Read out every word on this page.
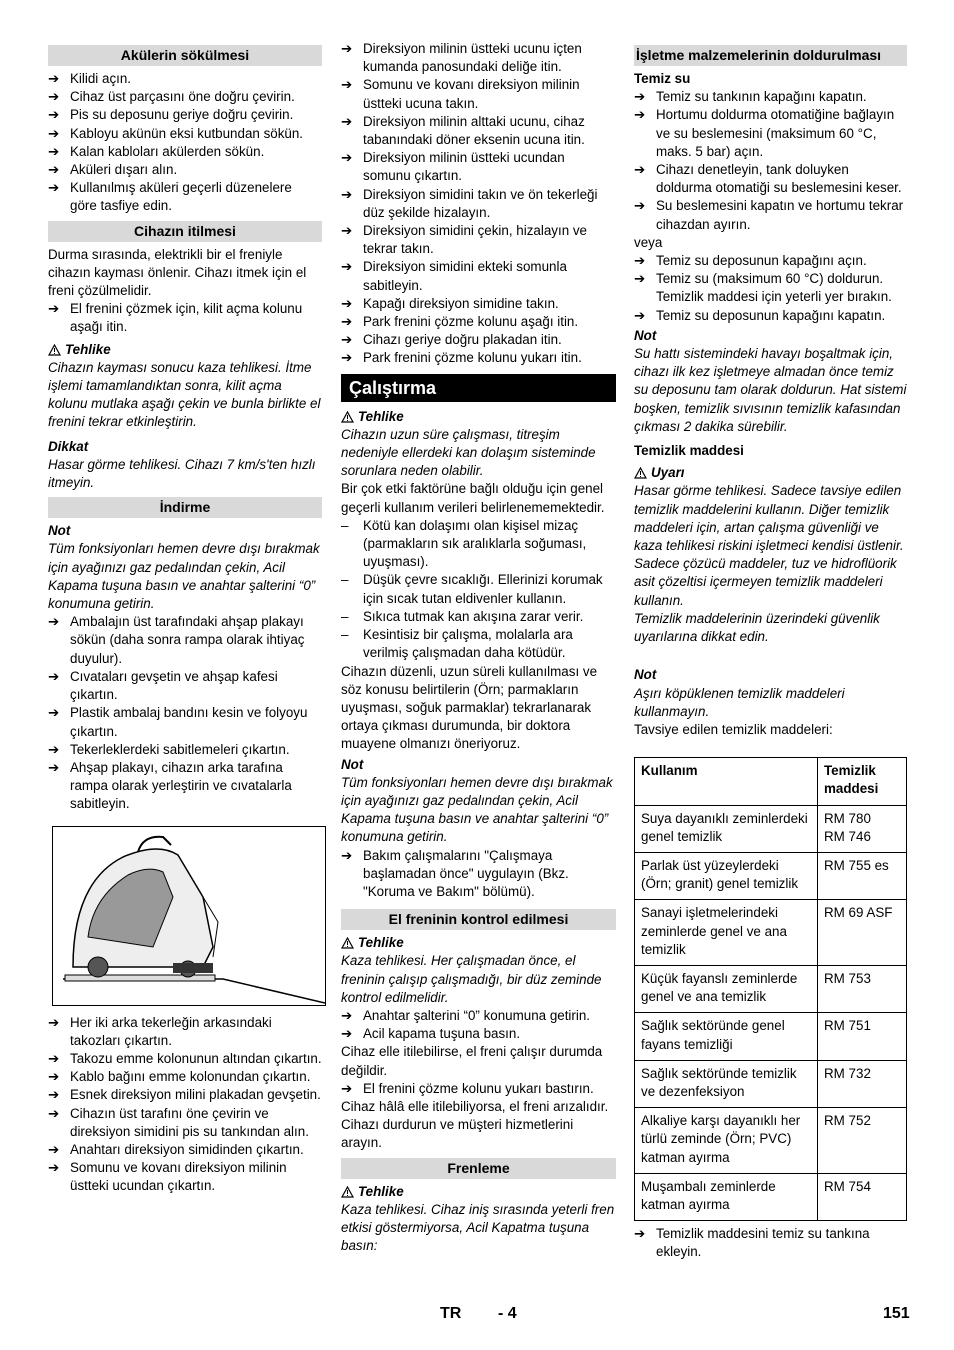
Akülerin sökülmesi
➔ Kilidi açın.
➔ Cihaz üst parçasını öne doğru çevirin.
➔ Pis su deposunu geriye doğru çevirin.
➔ Kabloyu akünün eksi kutbundan sökün.
➔ Kalan kabloları akülerden sökün.
➔ Aküleri dışarı alın.
➔ Kullanılmış aküleri geçerli düzenelere göre tasfiye edin.
Cihazın itilmesi

Durma sırasında, elektrikli bir el freniyle cihazın kayması önlenir. Cihazı itmek için el freni çözülmelidir.

➔ El frenini çözmek için, kilit açma kolunu aşağı itin.
Tehlike

Cihazın kayması sonucu kaza tehlikesi. İtme işlemi tamamlandıktan sonra, kilit açma kolunu mutlaka aşağı çekin ve bunla birlikte el frenini tekrar etkinleştirin.

Dikkat

Hasar görme tehlikesi. Cihazı 7 km/s'ten hızlı itmeyin.

İndirme
Not

Tüm fonksiyonları hemen devre dışı bırakmak için ayağınızı gaz pedalından çekin, Acil Kapama tuşuna basın ve anahtar şalterini “0” konumuna getirin.

➔ Ambalajın üst tarafındaki ahşap plakayı sökün (daha sonra rampa olarak ihtiyaç duyulur).
➔ Cıvataları gevşetin ve ahşap kafesi çıkartın.
➔ Plastik ambalaj bandını kesin ve folyoyu çıkartın.
➔ Tekerleklerdeki sabitlemeleri çıkartın.
➔ Ahşap plakayı, cihazın arka tarafına rampa olarak yerleştirin ve cıvatalarla sabitleyin.
➔ Her iki arka tekerleğin arkasındaki takozları çıkartın.
➔ Takozu emme kolonunun altından çıkartın.
➔ Kablo bağını emme kolonundan çıkartın.
➔ Esnek direksiyon milini plakadan gevşetin.
➔ Cihazın üst tarafını öne çevirin ve direksiyon simidini pis su tankından alın.
➔ Anahtarı direksiyon simidinden çıkartın.
➔ Somunu ve kovanı direksiyon milinin üstteki ucundan çıkartın.
➔ Direksiyon milinin üstteki ucunu içten kumanda panosundaki deliğe itin.
➔ Somunu ve kovanı direksiyon milinin üstteki ucuna takın.
➔ Direksiyon milinin alttaki ucunu, cihaz tabanındaki döner eksenin ucuna itin.
➔ Direksiyon milinin üstteki ucundan somunu çıkartın.
➔ Direksiyon simidini takın ve ön tekerleği düz şekilde hizalayın.
➔ Direksiyon simidini çekin, hizalayın ve tekrar takın.
➔ Direksiyon simidini ekteki somunla sabitleyin.
➔ Kapağı direksiyon simidine takın.
➔ Park frenini çözme kolunu aşağı itin.
➔ Cihazı geriye doğru plakadan itin.
➔ Park frenini çözme kolunu yukarı itin.
Çalıştırma
Tehlike

Cihazın uzun süre çalışması, titreşim nedeniyle ellerdeki kan dolaşım sisteminde sorunlara neden olabilir.

Bir çok etki faktörüne bağlı olduğu için genel geçerli kullanım verileri belirlenememektedir.

–	Kötü kan dolaşımı olan kişisel mizaç (parmakların sık aralıklarla soğuması, uyuşması).
–	Düşük çevre sıcaklığı. Ellerinizi korumak için sıcak tutan eldivenler kullanın.
–	Sıkıca tutmak kan akışına zarar verir.
–	Kesintisiz bir çalışma, molalarla ara verilmiş çalışmadan daha kötüdür.

Cihazın düzenli, uzun süreli kullanılması ve söz konusu belirtilerin (Örn; parmakların uyuşması, soğuk parmaklar) tekrarlanarak ortaya çıkması durumunda, bir doktora muayene olmanızı öneriyoruz.

Not

Tüm fonksiyonları hemen devre dışı bırakmak için ayağınızı gaz pedalından çekin, Acil Kapama tuşuna basın ve anahtar şalterini “0” konumuna getirin.

➔ Bakım çalışmalarını "Çalışmaya başlamadan önce" uygulayın (Bkz. "Koruma ve Bakım" bölümü).
El freninin kontrol edilmesi
Tehlike

Kaza tehlikesi. Her çalışmadan önce, el freninin çalışıp çalışmadığı, bir düz zeminde kontrol edilmelidir.

➔ Anahtar şalterini “0” konumuna getirin.
➔ Acil kapama tuşuna basın.

Cihaz elle itilebilirse, el freni çalışır durumda değildir.

➔ El frenini çözme kolunu yukarı bastırın.

Cihaz hâlâ elle itilebiliyorsa, el freni arızalıdır. Cihazı durdurun ve müşteri hizmetlerini arayın.

Frenleme
Tehlike

Kaza tehlikesi. Cihaz iniş sırasında yeterli fren etkisi göstermiyorsa, Acil Kapatma tuşuna basın:

İşletme malzemelerinin doldurulması
Temiz su
➔ Temiz su tankının kapağını kapatın.
➔ Hortumu doldurma otomatiğine bağlayın ve su beslemesini (maksimum 60 °C, maks. 5 bar) açın.
➔ Cihazı denetleyin, tank doluyken doldurma otomatiği su beslemesini keser.
➔ Su beslemesini kapatın ve hortumu tekrar cihazdan ayırın.

veya

➔ Temiz su deposunun kapağını açın.
➔ Temiz su (maksimum 60 °C) doldurun. Temizlik maddesi için yeterli yer bırakın.
➔ Temiz su deposunun kapağını kapatın.
Not

Su hattı sistemindeki havayı boşaltmak için, cihazı ilk kez işletmeye almadan önce temiz su deposunu tam olarak doldurun. Hat sistemi boşken, temizlik sıvısının temizlik kafasından çıkması 2 dakika sürebilir.

Temizlik maddesi
Uyarı

Hasar görme tehlikesi. Sadece tavsiye edilen temizlik maddelerini kullanın. Diğer temizlik maddeleri için, artan çalışma güvenliği ve kaza tehlikesi riskini işletmeci kendisi üstlenir.

Sadece çözücü maddeler, tuz ve hidroflüorik asit çözeltisi içermeyen temizlik maddeleri kullanın.

Temizlik maddelerinin üzerindeki güvenlik uyarılarına dikkat edin.

Not

Aşırı köpüklenen temizlik maddeleri kullanmayın.

Tavsiye edilen temizlik maddeleri:

Kullanım	Temizlik maddesi
Suya dayanıklı zeminlerdeki genel temizlik	RM 780
RM 746
Parlak üst yüzeylerdeki (Örn; granit) genel temizlik	RM 755 es
Sanayi işletmelerindeki zeminlerde genel ve ana temizlik	RM 69 ASF
Küçük fayanslı zeminlerde genel ve ana temizlik	RM 753
Sağlık sektöründe genel fayans temizliği	RM 751
Sağlık sektöründe temizlik ve dezenfeksiyon	RM 732
Alkaliye karşı dayanıklı her türlü zeminde (Örn; PVC) katman ayırma	RM 752
Muşambalı zeminlerde katman ayırma	RM 754
➔ Temizlik maddesini temiz su tankına ekleyin.
TR - 4	151
